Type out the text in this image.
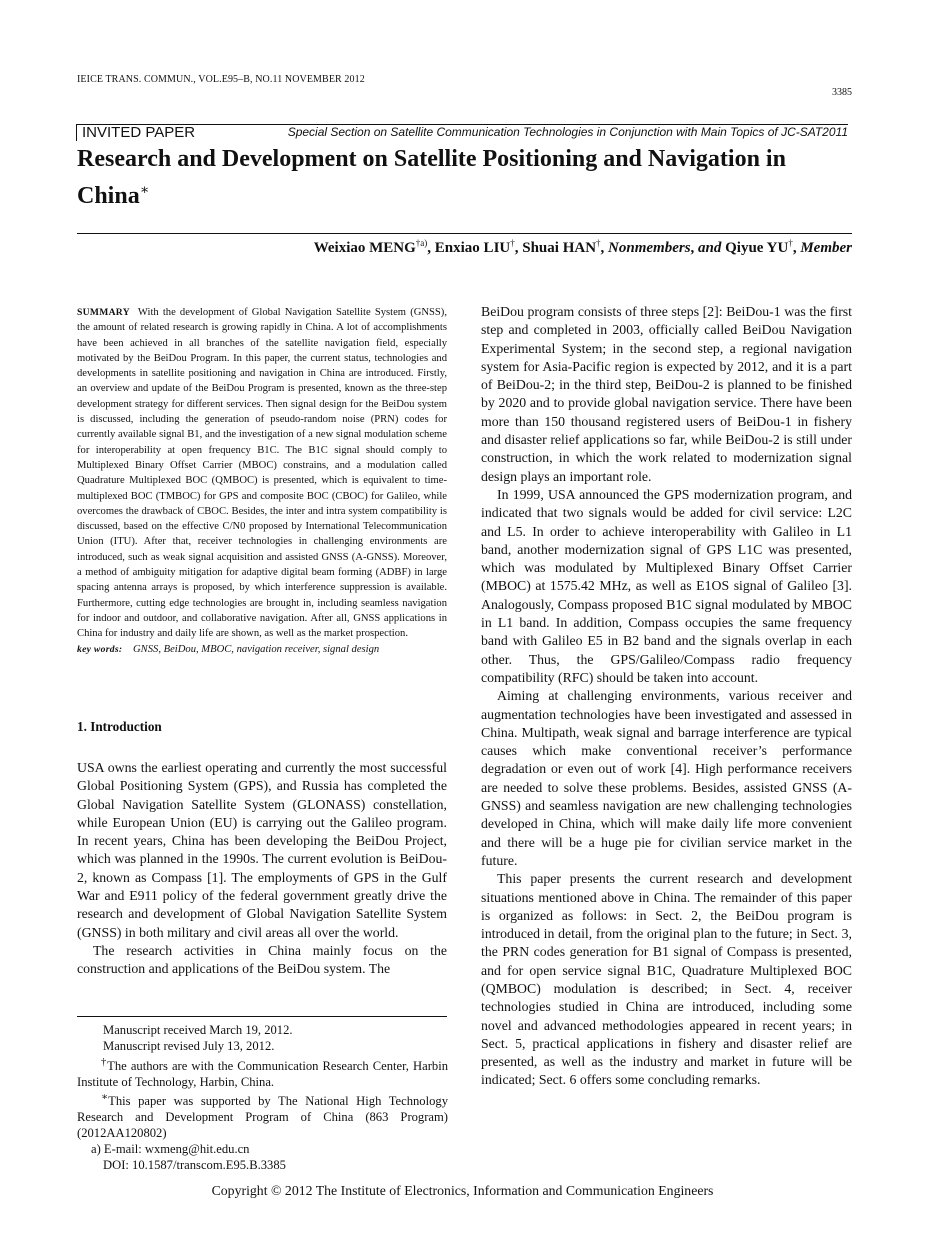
IEICE TRANS. COMMUN., VOL.E95–B, NO.11 NOVEMBER 2012
3385
INVITED PAPER	Special Section on Satellite Communication Technologies in Conjunction with Main Topics of JC-SAT2011
Research and Development on Satellite Positioning and Navigation in China∗
Weixiao MENG$^{\dagger a)}$, Enxiao LIU†, Shuai HAN†, Nonmembers, and Qiyue YU†, Member
SUMMARY With the development of Global Navigation Satellite System (GNSS), the amount of related research is growing rapidly in China. A lot of accomplishments have been achieved in all branches of the satellite navigation field, especially motivated by the BeiDou Program. In this paper, the current status, technologies and developments in satellite positioning and navigation in China are introduced. Firstly, an overview and update of the BeiDou Program is presented, known as the three-step development strategy for different services. Then signal design for the BeiDou system is discussed, including the generation of pseudo-random noise (PRN) codes for currently available signal B1, and the investigation of a new signal modulation scheme for interoperability at open frequency B1C. The B1C signal should comply to Multiplexed Binary Offset Carrier (MBOC) constrains, and a modulation called Quadrature Multiplexed BOC (QMBOC) is presented, which is equivalent to time-multiplexed BOC (TMBOC) for GPS and composite BOC (CBOC) for Galileo, while overcomes the drawback of CBOC. Besides, the inter and intra system compatibility is discussed, based on the effective C/N0 proposed by International Telecommunication Union (ITU). After that, receiver technologies in challenging environments are introduced, such as weak signal acquisition and assisted GNSS (A-GNSS). Moreover, a method of ambiguity mitigation for adaptive digital beam forming (ADBF) in large spacing antenna arrays is proposed, by which interference suppression is available. Furthermore, cutting edge technologies are brought in, including seamless navigation for indoor and outdoor, and collaborative navigation. After all, GNSS applications in China for industry and daily life are shown, as well as the market prospection.
key words: GNSS, BeiDou, MBOC, navigation receiver, signal design
1. Introduction

USA owns the earliest operating and currently the most successful Global Positioning System (GPS), and Russia has completed the Global Navigation Satellite System (GLONASS) constellation, while European Union (EU) is carrying out the Galileo program. In recent years, China has been developing the BeiDou Project, which was planned in the 1990s. The current evolution is BeiDou-2, known as Compass [1]. The employments of GPS in the Gulf War and E911 policy of the federal government greatly drive the research and development of Global Navigation Satellite System (GNSS) in both military and civil areas all over the world.

The research activities in China mainly focus on the construction and applications of the BeiDou system. The

Manuscript received March 19, 2012.

Manuscript revised July 13, 2012.

†The authors are with the Communication Research Center, Harbin Institute of Technology, Harbin, China.

∗This paper was supported by The National High Technology Research and Development Program of China (863 Program) (2012AA120802)

a) E-mail: wxmeng@hit.edu.cn

DOI: 10.1587/transcom.E95.B.3385

BeiDou program consists of three steps [2]: BeiDou-1 was the first step and completed in 2003, officially called BeiDou Navigation Experimental System; in the second step, a regional navigation system for Asia-Pacific region is expected by 2012, and it is a part of BeiDou-2; in the third step, BeiDou-2 is planned to be finished by 2020 and to provide global navigation service. There have been more than 150 thousand registered users of BeiDou-1 in fishery and disaster relief applications so far, while BeiDou-2 is still under construction, in which the work related to modernization signal design plays an important role.

In 1999, USA announced the GPS modernization program, and indicated that two signals would be added for civil service: L2C and L5. In order to achieve interoperability with Galileo in L1 band, another modernization signal of GPS L1C was presented, which was modulated by Multiplexed Binary Offset Carrier (MBOC) at 1575.42 MHz, as well as E1OS signal of Galileo [3]. Analogously, Compass proposed B1C signal modulated by MBOC in L1 band. In addition, Compass occupies the same frequency band with Galileo E5 in B2 band and the signals overlap in each other. Thus, the GPS/Galileo/Compass radio frequency compatibility (RFC) should be taken into account.

Aiming at challenging environments, various receiver and augmentation technologies have been investigated and assessed in China. Multipath, weak signal and barrage interference are typical causes which make conventional receiver’s performance degradation or even out of work [4]. High performance receivers are needed to solve these problems. Besides, assisted GNSS (A-GNSS) and seamless navigation are new challenging technologies developed in China, which will make daily life more convenient and there will be a huge pie for civilian service market in the future.

This paper presents the current research and development situations mentioned above in China. The remainder of this paper is organized as follows: in Sect. 2, the BeiDou program is introduced in detail, from the original plan to the future; in Sect. 3, the PRN codes generation for B1 signal of Compass is presented, and for open service signal B1C, Quadrature Multiplexed BOC (QMBOC) modulation is described; in Sect. 4, receiver technologies studied in China are introduced, including some novel and advanced methodologies appeared in recent years; in Sect. 5, practical applications in fishery and disaster relief are presented, as well as the industry and market in future will be indicated; Sect. 6 offers some concluding remarks.

Copyright © 2012 The Institute of Electronics, Information and Communication Engineers
